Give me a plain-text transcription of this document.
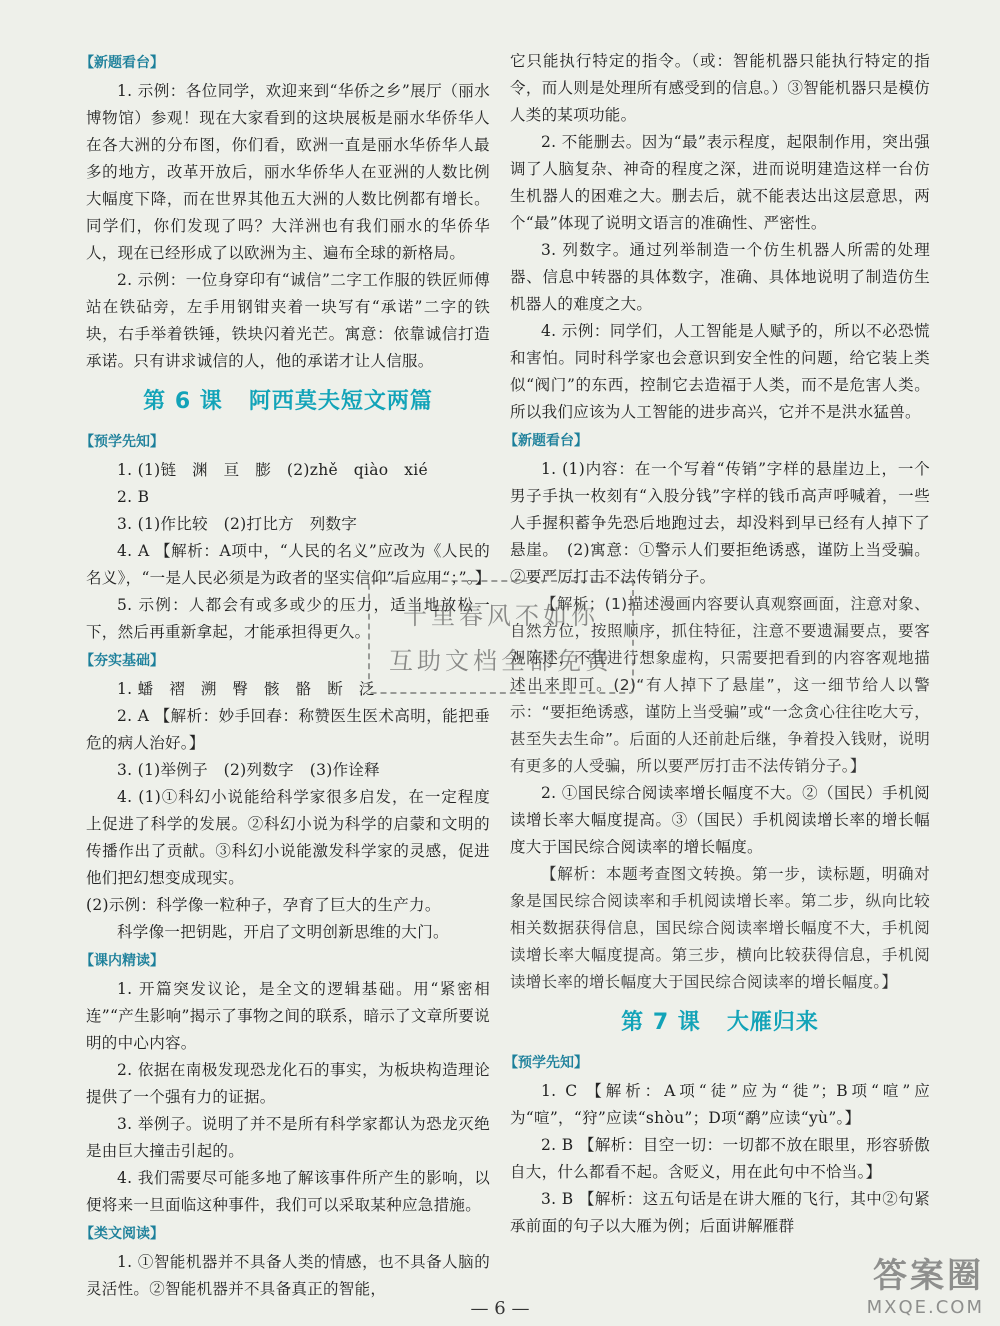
【新题看台】

1. 示例：各位同学，欢迎来到“华侨之乡”展厅（丽水博物馆）参观！现在大家看到的这块展板是丽水华侨华人在各大洲的分布图，你们看，欧洲一直是丽水华侨华人最多的地方，改革开放后，丽水华侨华人在亚洲的人数比例大幅度下降，而在世界其他五大洲的人数比例都有增长。同学们，你们发现了吗？大洋洲也有我们丽水的华侨华人，现在已经形成了以欧洲为主、遍布全球的新格局。

2. 示例：一位身穿印有“诚信”二字工作服的铁匠师傅站在铁砧旁，左手用钢钳夹着一块写有“承诺”二字的铁块，右手举着铁锤，铁块闪着光芒。寓意：依靠诚信打造承诺。只有讲求诚信的人，他的承诺才让人信服。

第 6 课 阿西莫夫短文两篇
【预学先知】

1. (1)链　渊　亘　膨　(2)zhě　qiào　xié

2. B

3. (1)作比较　(2)打比方　列数字

4. A 【解析：A项中，“人民的名义”应改为《人民的名义》，“一是人民必须是为政者的坚实信仰”后应用“；”。】

5. 示例：人都会有或多或少的压力，适当地放松一下，然后再重新拿起，才能承担得更久。

【夯实基础】

1. 蟠　褶　溯　臀　骸　骼　断　泛

2. A 【解析：妙手回春：称赞医生医术高明，能把垂危的病人治好。】

3. (1)举例子　(2)列数字　(3)作诠释

4. (1)①科幻小说能给科学家很多启发，在一定程度上促进了科学的发展。②科幻小说为科学的启蒙和文明的传播作出了贡献。③科幻小说能激发科学家的灵感，促进他们把幻想变成现实。

(2)示例：科学像一粒种子，孕育了巨大的生产力。

科学像一把钥匙，开启了文明创新思维的大门。

【课内精读】

1. 开篇突发议论，是全文的逻辑基础。用“紧密相连”“产生影响”揭示了事物之间的联系，暗示了文章所要说明的中心内容。

2. 依据在南极发现恐龙化石的事实，为板块构造理论提供了一个强有力的证据。

3. 举例子。说明了并不是所有科学家都认为恐龙灭绝是由巨大撞击引起的。

4. 我们需要尽可能多地了解该事件所产生的影响，以便将来一旦面临这种事件，我们可以采取某种应急措施。

【类文阅读】

1. ①智能机器并不具备人类的情感，也不具备人脑的灵活性。②智能机器并不具备真正的智能，

它只能执行特定的指令。（或：智能机器只能执行特定的指令，而人则是处理所有感受到的信息。）③智能机器只是模仿人类的某项功能。

2. 不能删去。因为“最”表示程度，起限制作用，突出强调了人脑复杂、神奇的程度之深，进而说明建造这样一台仿生机器人的困难之大。删去后，就不能表达出这层意思，两个“最”体现了说明文语言的准确性、严密性。

3. 列数字。通过列举制造一个仿生机器人所需的处理器、信息中转器的具体数字，准确、具体地说明了制造仿生机器人的难度之大。

4. 示例：同学们，人工智能是人赋予的，所以不必恐慌和害怕。同时科学家也会意识到安全性的问题，给它装上类似“阀门”的东西，控制它去造福于人类，而不是危害人类。所以我们应该为人工智能的进步高兴，它并不是洪水猛兽。

【新题看台】

1. (1)内容：在一个写着“传销”字样的悬崖边上，一个男子手执一枚刻有“入股分钱”字样的钱币高声呼喊着，一些人手握积蓄争先恐后地跑过去，却没料到早已经有人掉下了悬崖。　(2)寓意：①警示人们要拒绝诱惑，谨防上当受骗。②要严厉打击不法传销分子。

【解析：(1)描述漫画内容要认真观察画面，注意对象、自然方位，按照顺序，抓住特征，注意不要遗漏要点，要客观陈述，不宜进行想象虚构，只需要把看到的内容客观地描述出来即可。(2)“有人掉下了悬崖”，这一细节给人以警示：“要拒绝诱惑，谨防上当受骗”或“一念贪心往往吃大亏，甚至失去生命”。后面的人还前赴后继，争着投入钱财，说明有更多的人受骗，所以要严厉打击不法传销分子。】

2. ①国民综合阅读率增长幅度不大。②（国民）手机阅读增长率大幅度提高。③（国民）手机阅读增长率的增长幅度大于国民综合阅读率的增长幅度。

【解析：本题考查图文转换。第一步，读标题，明确对象是国民综合阅读率和手机阅读增长率。第二步，纵向比较相关数据获得信息，国民综合阅读率增长幅度不大，手机阅读增长率大幅度提高。第三步，横向比较获得信息，手机阅读增长率的增长幅度大于国民综合阅读率的增长幅度。】

第 7 课 大雁归来
【预学先知】

1. C 【解析：A项“徒”应为“徙”；B项“喧”应为“喧”，“狩”应读“shòu”；D项“鹬”应读“yù”。】

2. B 【解析：目空一切：一切都不放在眼里，形容骄傲自大，什么都看不起。含贬义，用在此句中不恰当。】

3. B 【解析：这五句话是在讲大雁的飞行，其中②句紧承前面的句子以大雁为例；后面讲解雁群

十里春风不如你
互助文档全部免费
— 6 —
答案圈
MXQE.COM
